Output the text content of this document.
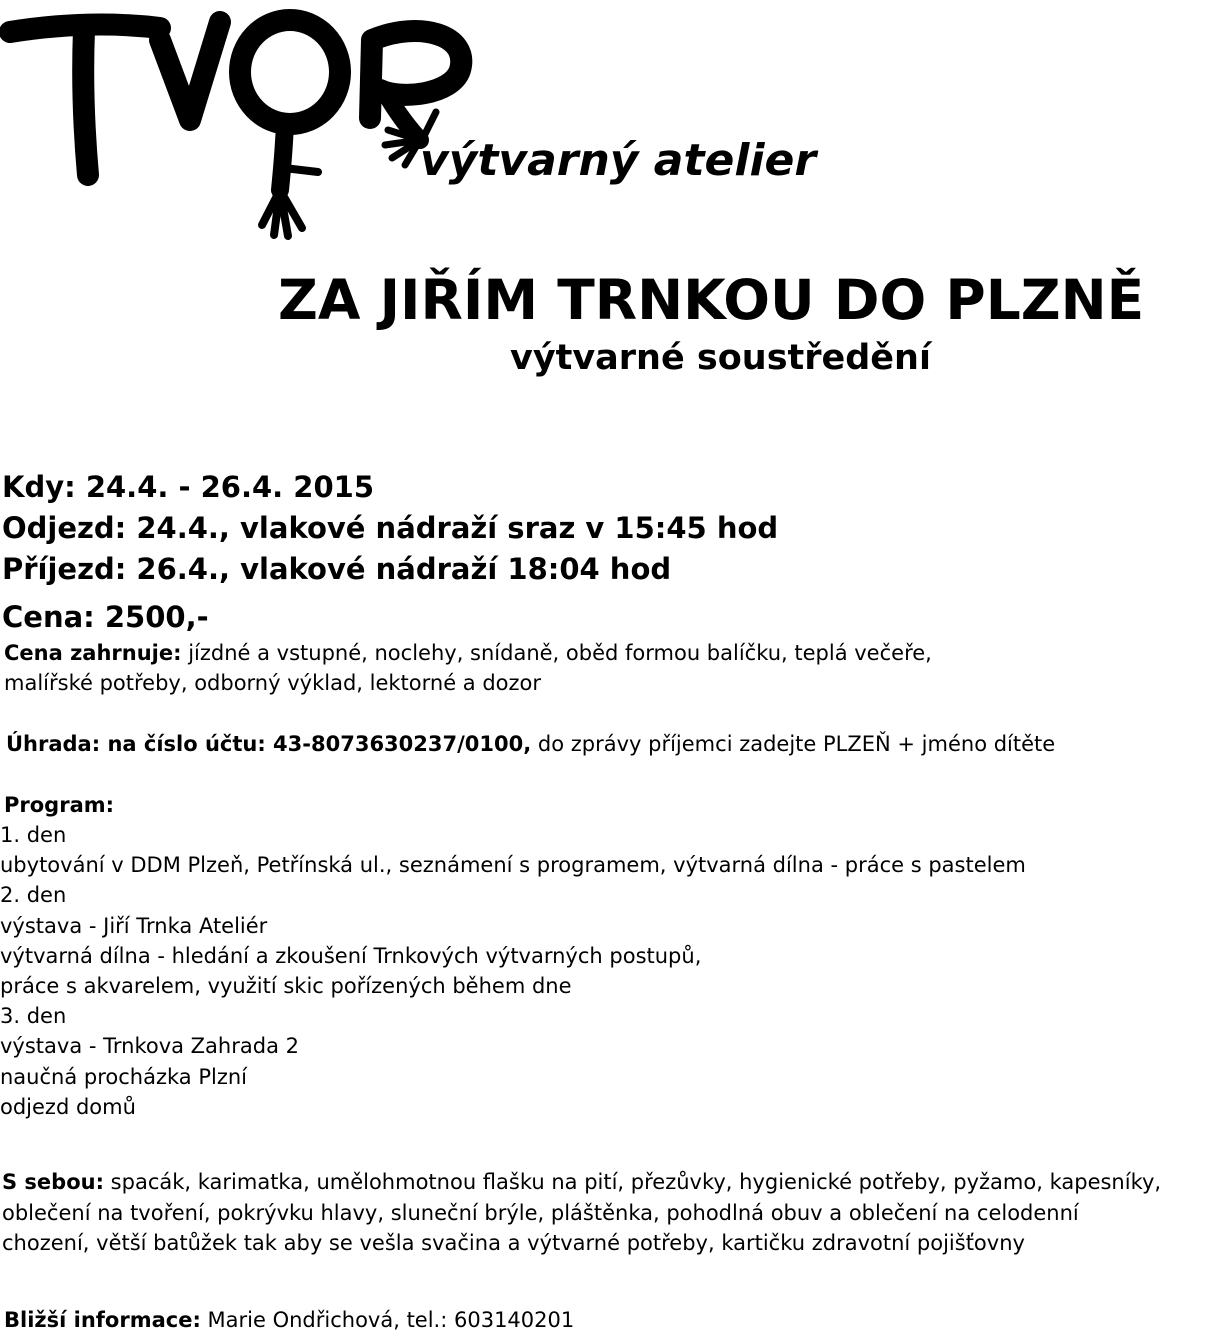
výtvarný atelier
ZA JIŘÍM TRNKOU DO PLZNĚ
výtvarné soustředění
Kdy: 24.4. - 26.4. 2015
Odjezd: 24.4., vlakové nádraží sraz v 15:45 hod
Příjezd: 26.4., vlakové nádraží 18:04 hod
Cena: 2500,-
Cena zahrnuje: jízdné a vstupné, noclehy, snídaně, oběd formou balíčku, teplá večeře,
malířské potřeby, odborný výklad, lektorné a dozor
Úhrada: na číslo účtu: 43-8073630237/0100, do zprávy příjemci zadejte PLZEŇ + jméno dítěte
Program:
1. den
ubytování v DDM Plzeň, Petřínská ul., seznámení s programem, výtvarná dílna - práce s pastelem
2. den
výstava - Jiří Trnka Ateliér
výtvarná dílna - hledání a zkoušení Trnkových výtvarných postupů,
práce s akvarelem, využití skic pořízených během dne
3. den
výstava - Trnkova Zahrada 2
naučná procházka Plzní
odjezd domů
S sebou: spacák, karimatka, umělohmotnou flašku na pití, přezůvky, hygienické potřeby, pyžamo, kapesníky,
oblečení na tvoření, pokrývku hlavy, sluneční brýle, pláštěnka, pohodlná obuv a oblečení na celodenní
chození, větší batůžek tak aby se vešla svačina a výtvarné potřeby, kartičku zdravotní pojišťovny
Bližší informace: Marie Ondřichová, tel.: 603140201
